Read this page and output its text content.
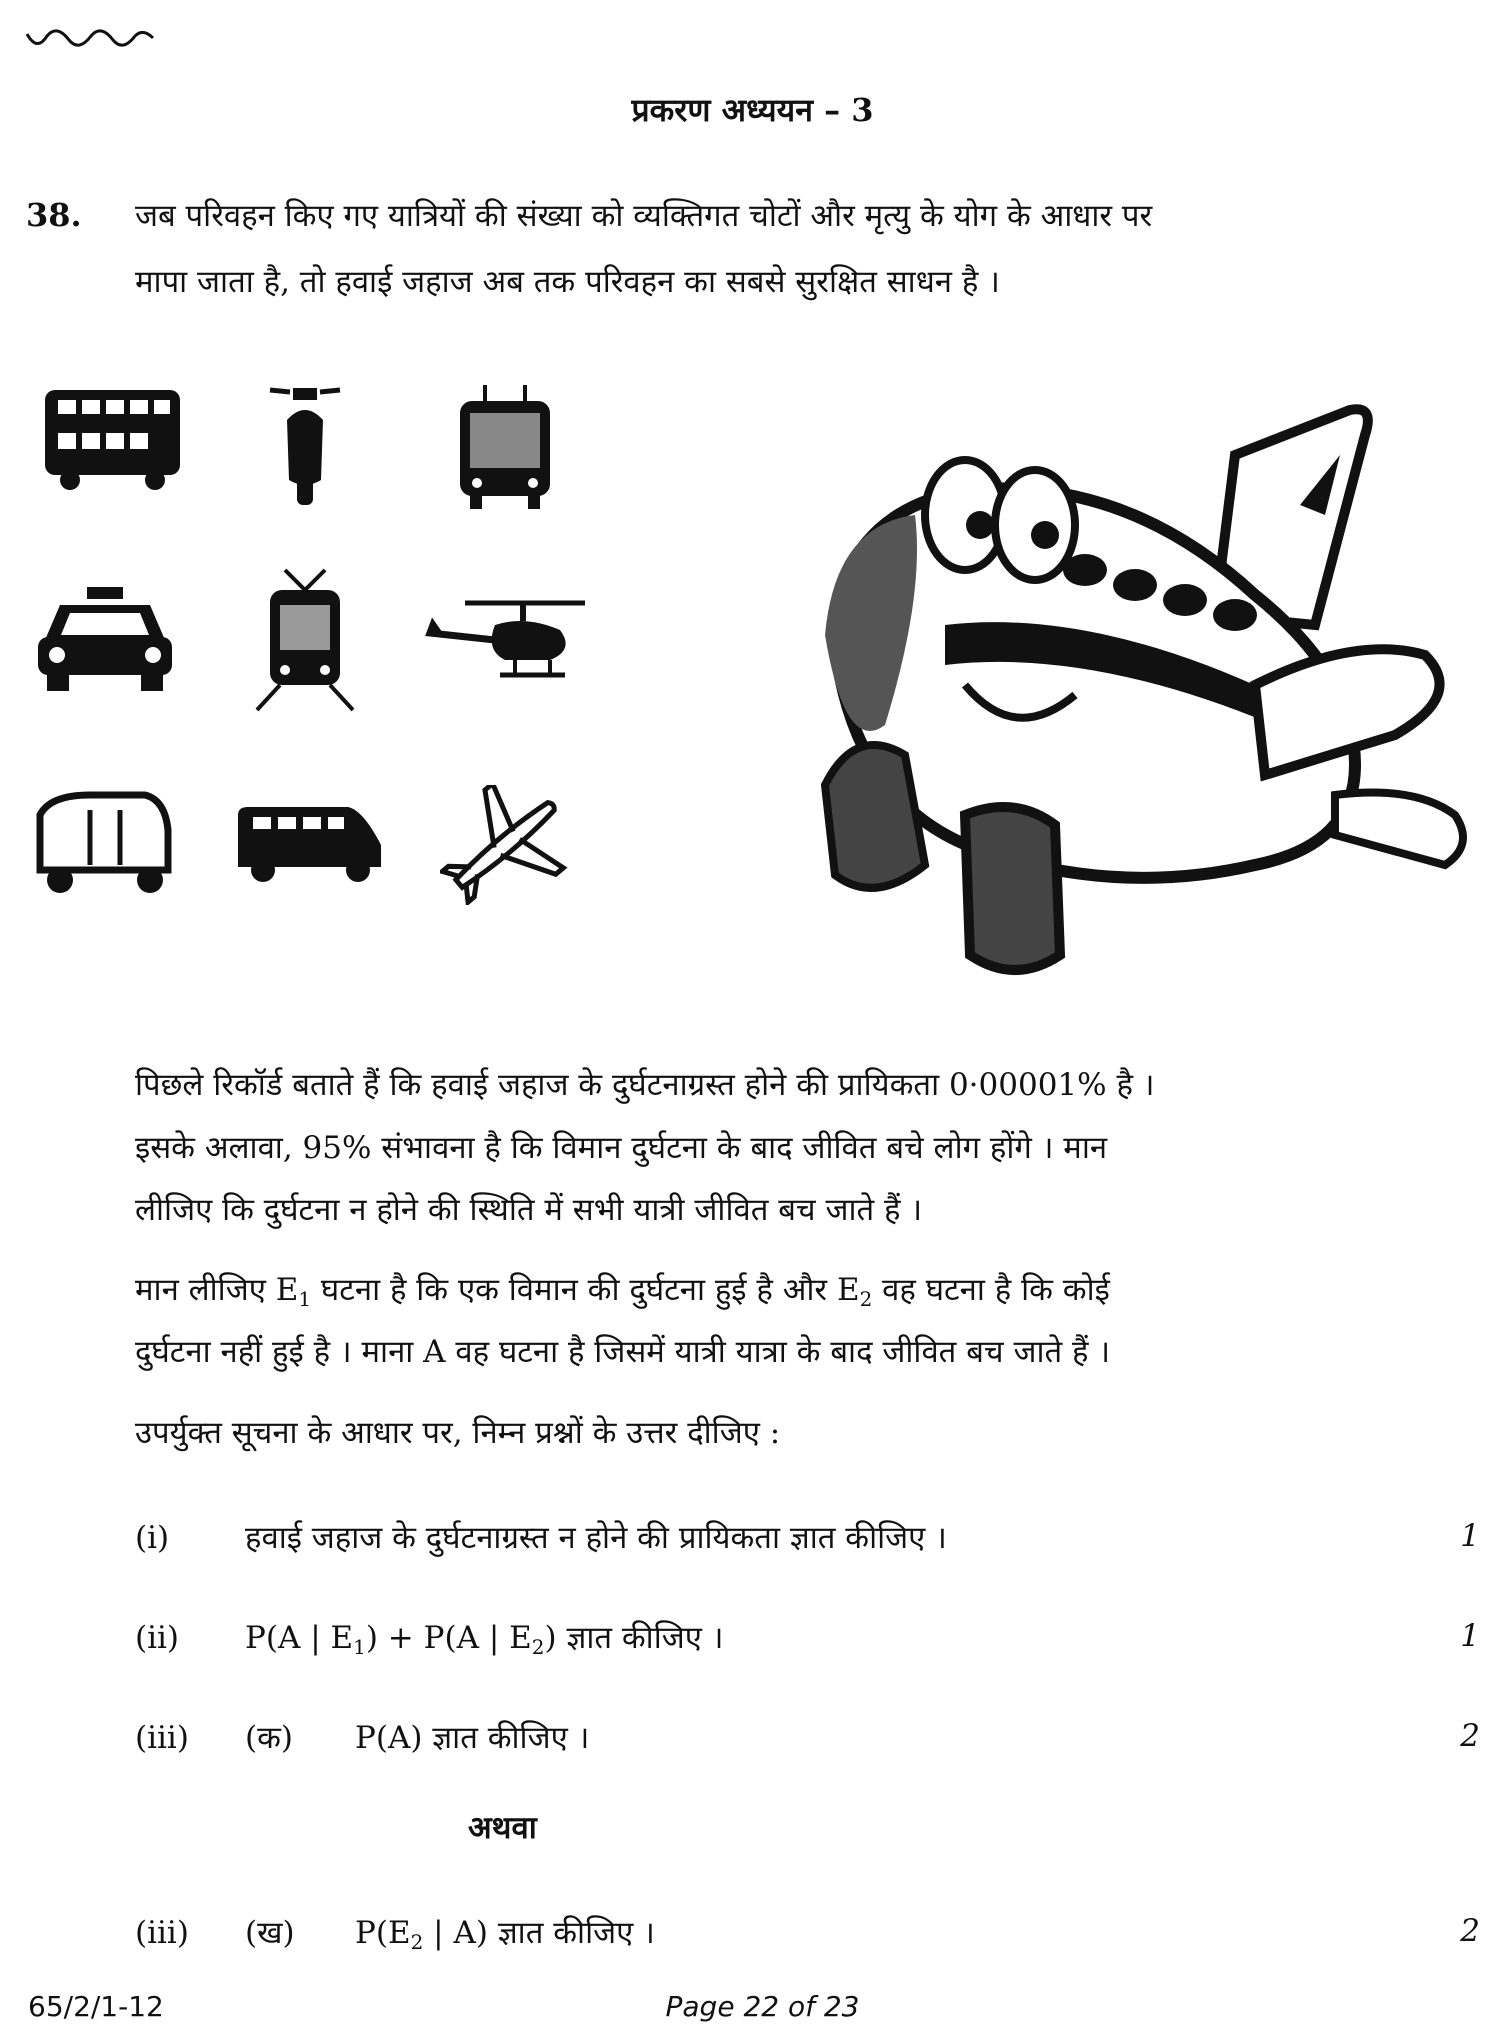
प्रकरण अध्ययन – 3
38. जब परिवहन किए गए यात्रियों की संख्या को व्यक्तिगत चोटों और मृत्यु के योग के आधार पर
मापा जाता है, तो हवाई जहाज अब तक परिवहन का सबसे सुरक्षित साधन है ।
पिछले रिकॉर्ड बताते हैं कि हवाई जहाज के दुर्घटनाग्रस्त होने की प्रायिकता 0·00001% है ।
इसके अलावा, 95% संभावना है कि विमान दुर्घटना के बाद जीवित बचे लोग होंगे । मान
लीजिए कि दुर्घटना न होने की स्थिति में सभी यात्री जीवित बच जाते हैं ।
मान लीजिए $E_1$ घटना है कि एक विमान की दुर्घटना हुई है और $E_2$ वह घटना है कि कोई
दुर्घटना नहीं हुई है । माना A वह घटना है जिसमें यात्री यात्रा के बाद जीवित बच जाते हैं ।
उपर्युक्त सूचना के आधार पर, निम्न प्रश्नों के उत्तर दीजिए :
(i) हवाई जहाज के दुर्घटनाग्रस्त न होने की प्रायिकता ज्ञात कीजिए ।	1
(ii) P(A | $E_1) + P(A$ | $E_2$) ज्ञात कीजिए ।	1
(iii) (क) P(A) ज्ञात कीजिए ।	2
अथवा
(iii) (ख) $P(E_2$ | A) ज्ञात कीजिए ।	2
65/2/1-12	Page 22 of 23
